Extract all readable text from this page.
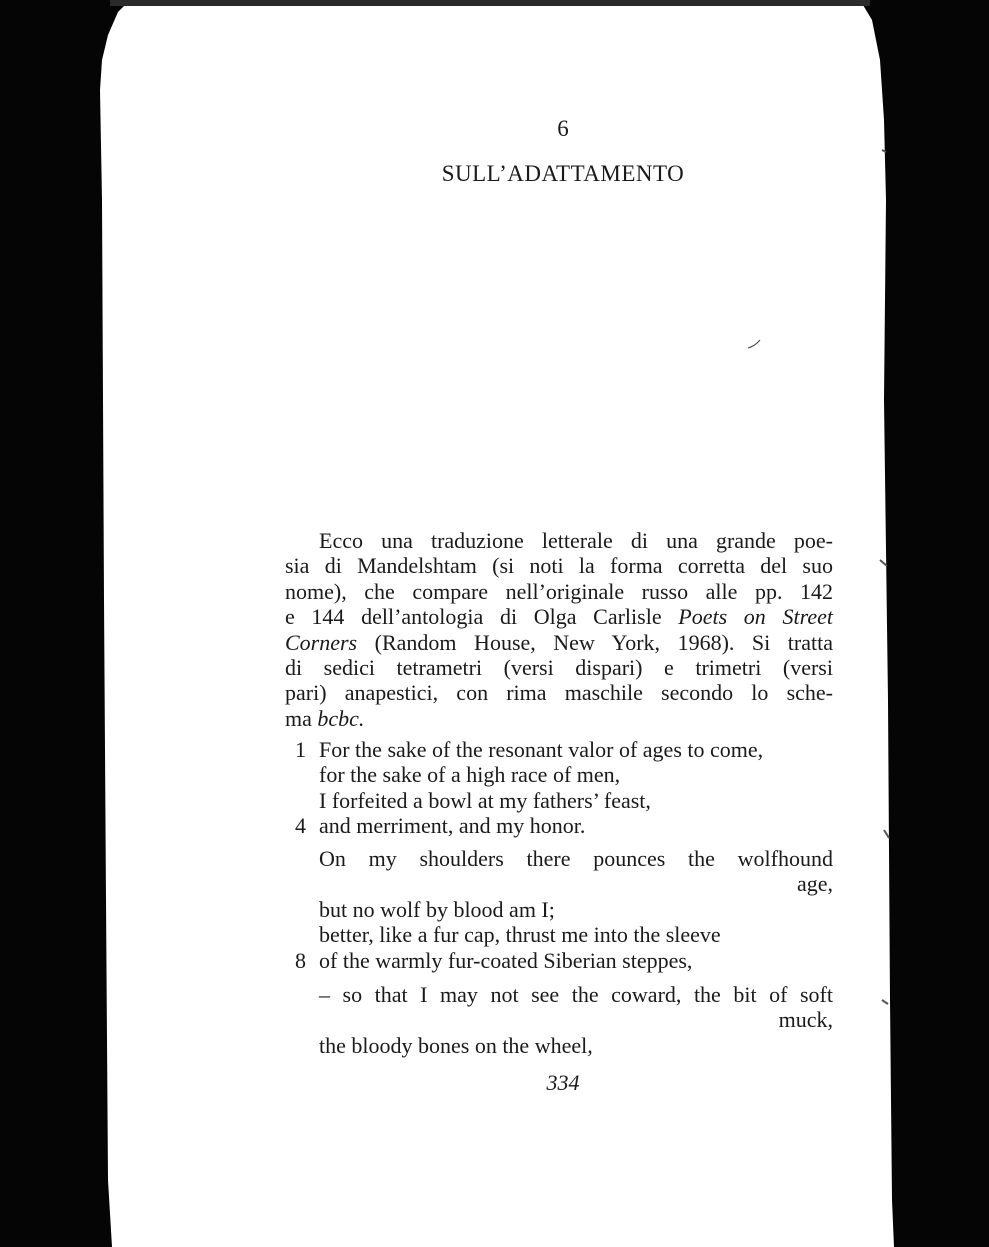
6
SULL’ADATTAMENTO
Ecco una traduzione letterale di una grande poe-
sia di Mandelshtam (si noti la forma corretta del suo
nome), che compare nell’originale russo alle pp. 142
e 144 dell’antologia di Olga Carlisle Poets on Street
Corners (Random House, New York, 1968). Si tratta
di sedici tetrametri (versi dispari) e trimetri (versi
pari) anapestici, con rima maschile secondo lo sche-
ma bcbc.
1 For the sake of the resonant valor of ages to come,
for the sake of a high race of men,
I forfeited a bowl at my fathers’ feast,
4 and merriment, and my honor.
On my shoulders there pounces the wolfhound
age,
but no wolf by blood am I;
better, like a fur cap, thrust me into the sleeve
8 of the warmly fur-coated Siberian steppes,
– so that I may not see the coward, the bit of soft
muck,
the bloody bones on the wheel,
334
